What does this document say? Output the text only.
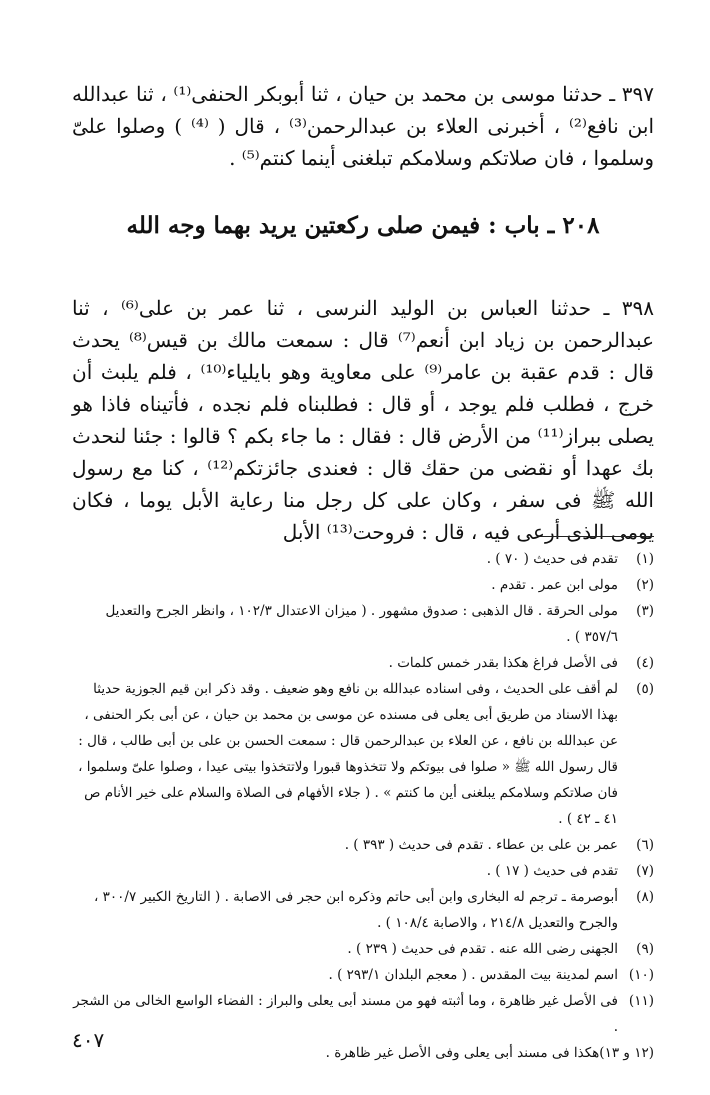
٣٩٧ ـ حدثنا موسى بن محمد بن حيان ، ثنا أبوبكر الحنفى⁽¹⁾ ، ثنا عبدالله ابن نافع⁽²⁾ ، أخبرنى العلاء بن عبدالرحمن⁽³⁾ ، قال ( ⁽⁴⁾ ) وصلوا علىّ وسلموا ، فان صلاتكم وسلامكم تبلغنى أينما كنتم⁽⁵⁾ .

٢٠٨ ـ باب : فيمن صلى ركعتين يريد بهما وجه الله

٣٩٨ ـ حدثنا العباس بن الوليد النرسى ، ثنا عمر بن على⁽⁶⁾ ، ثنا عبدالرحمن بن زياد ابن أنعم⁽⁷⁾ قال : سمعت مالك بن قيس⁽⁸⁾ يحدث قال : قدم عقبة بن عامر⁽⁹⁾ على معاوية وهو بايلياء⁽¹⁰⁾ ، فلم يلبث أن خرج ، فطلب فلم يوجد ، أو قال : فطلبناه فلم نجده ، فأتيناه فاذا هو يصلى ببراز⁽¹¹⁾ من الأرض قال : فقال : ما جاء بكم ؟ قالوا : جئنا لنحدث بك عهدا أو نقضى من حقك قال : فعندى جائزتكم⁽¹²⁾ ، كنا مع رسول الله ﷺ فى سفر ، وكان على كل رجل منا رعاية الأبل يوما ، فكان يومى الذى أرعى فيه ، قال : فروحت⁽¹³⁾ الأبل

(١)
تقدم فى حديث ( ٧٠ ) .
(٢)
مولى ابن عمر . تقدم .
(٣)
مولى الحرقة . قال الذهبى : صدوق مشهور . ( ميزان الاعتدال ١٠٢/٣ ، وانظر الجرح والتعديل ٣٥٧/٦ ) .
(٤)
فى الأصل فراغ هكذا بقدر خمس كلمات .
(٥)
لم أقف على الحديث ، وفى اسناده عبدالله بن نافع وهو ضعيف . وقد ذكر ابن قيم الجوزية حديثا بهذا الاسناد من طريق أبى يعلى فى مسنده عن موسى بن محمد بن حيان ، عن أبى بكر الحنفى ، عن عبدالله بن نافع ، عن العلاء بن عبدالرحمن قال : سمعت الحسن بن على بن أبى طالب ، قال : قال رسول الله ﷺ « صلوا فى بيوتكم ولا تتخذوها قبورا ولاتتخذوا بيتى عيدا ، وصلوا علىّ وسلموا ، فان صلاتكم وسلامكم يبلغنى أين ما كنتم » . ( جلاء الأفهام فى الصلاة والسلام على خير الأنام ص ٤١ ـ ٤٢ ) .
(٦)
عمر بن على بن عطاء . تقدم فى حديث ( ٣٩٣ ) .
(٧)
تقدم فى حديث ( ١٧ ) .
(٨)
أبوصرمة ـ ترجم له البخارى وابن أبى حاتم وذكره ابن حجر فى الاصابة . ( التاريخ الكبير ٣٠٠/٧ ، والجرح والتعديل ٢١٤/٨ ، والاصابة ١٠٨/٤ ) .
(٩)
الجهنى رضى الله عنه . تقدم فى حديث ( ٢٣٩ ) .
(١٠)
اسم لمدينة بيت المقدس . ( معجم البلدان ٢٩٣/١ ) .
(١١)
فى الأصل غير ظاهرة ، وما أثبته فهو من مسند أبى يعلى والبراز : الفضاء الواسع الخالى من الشجر .
(١٢ و ١٣)
هكذا فى مسند أبى يعلى وفى الأصل غير ظاهرة .
٤٠٧
